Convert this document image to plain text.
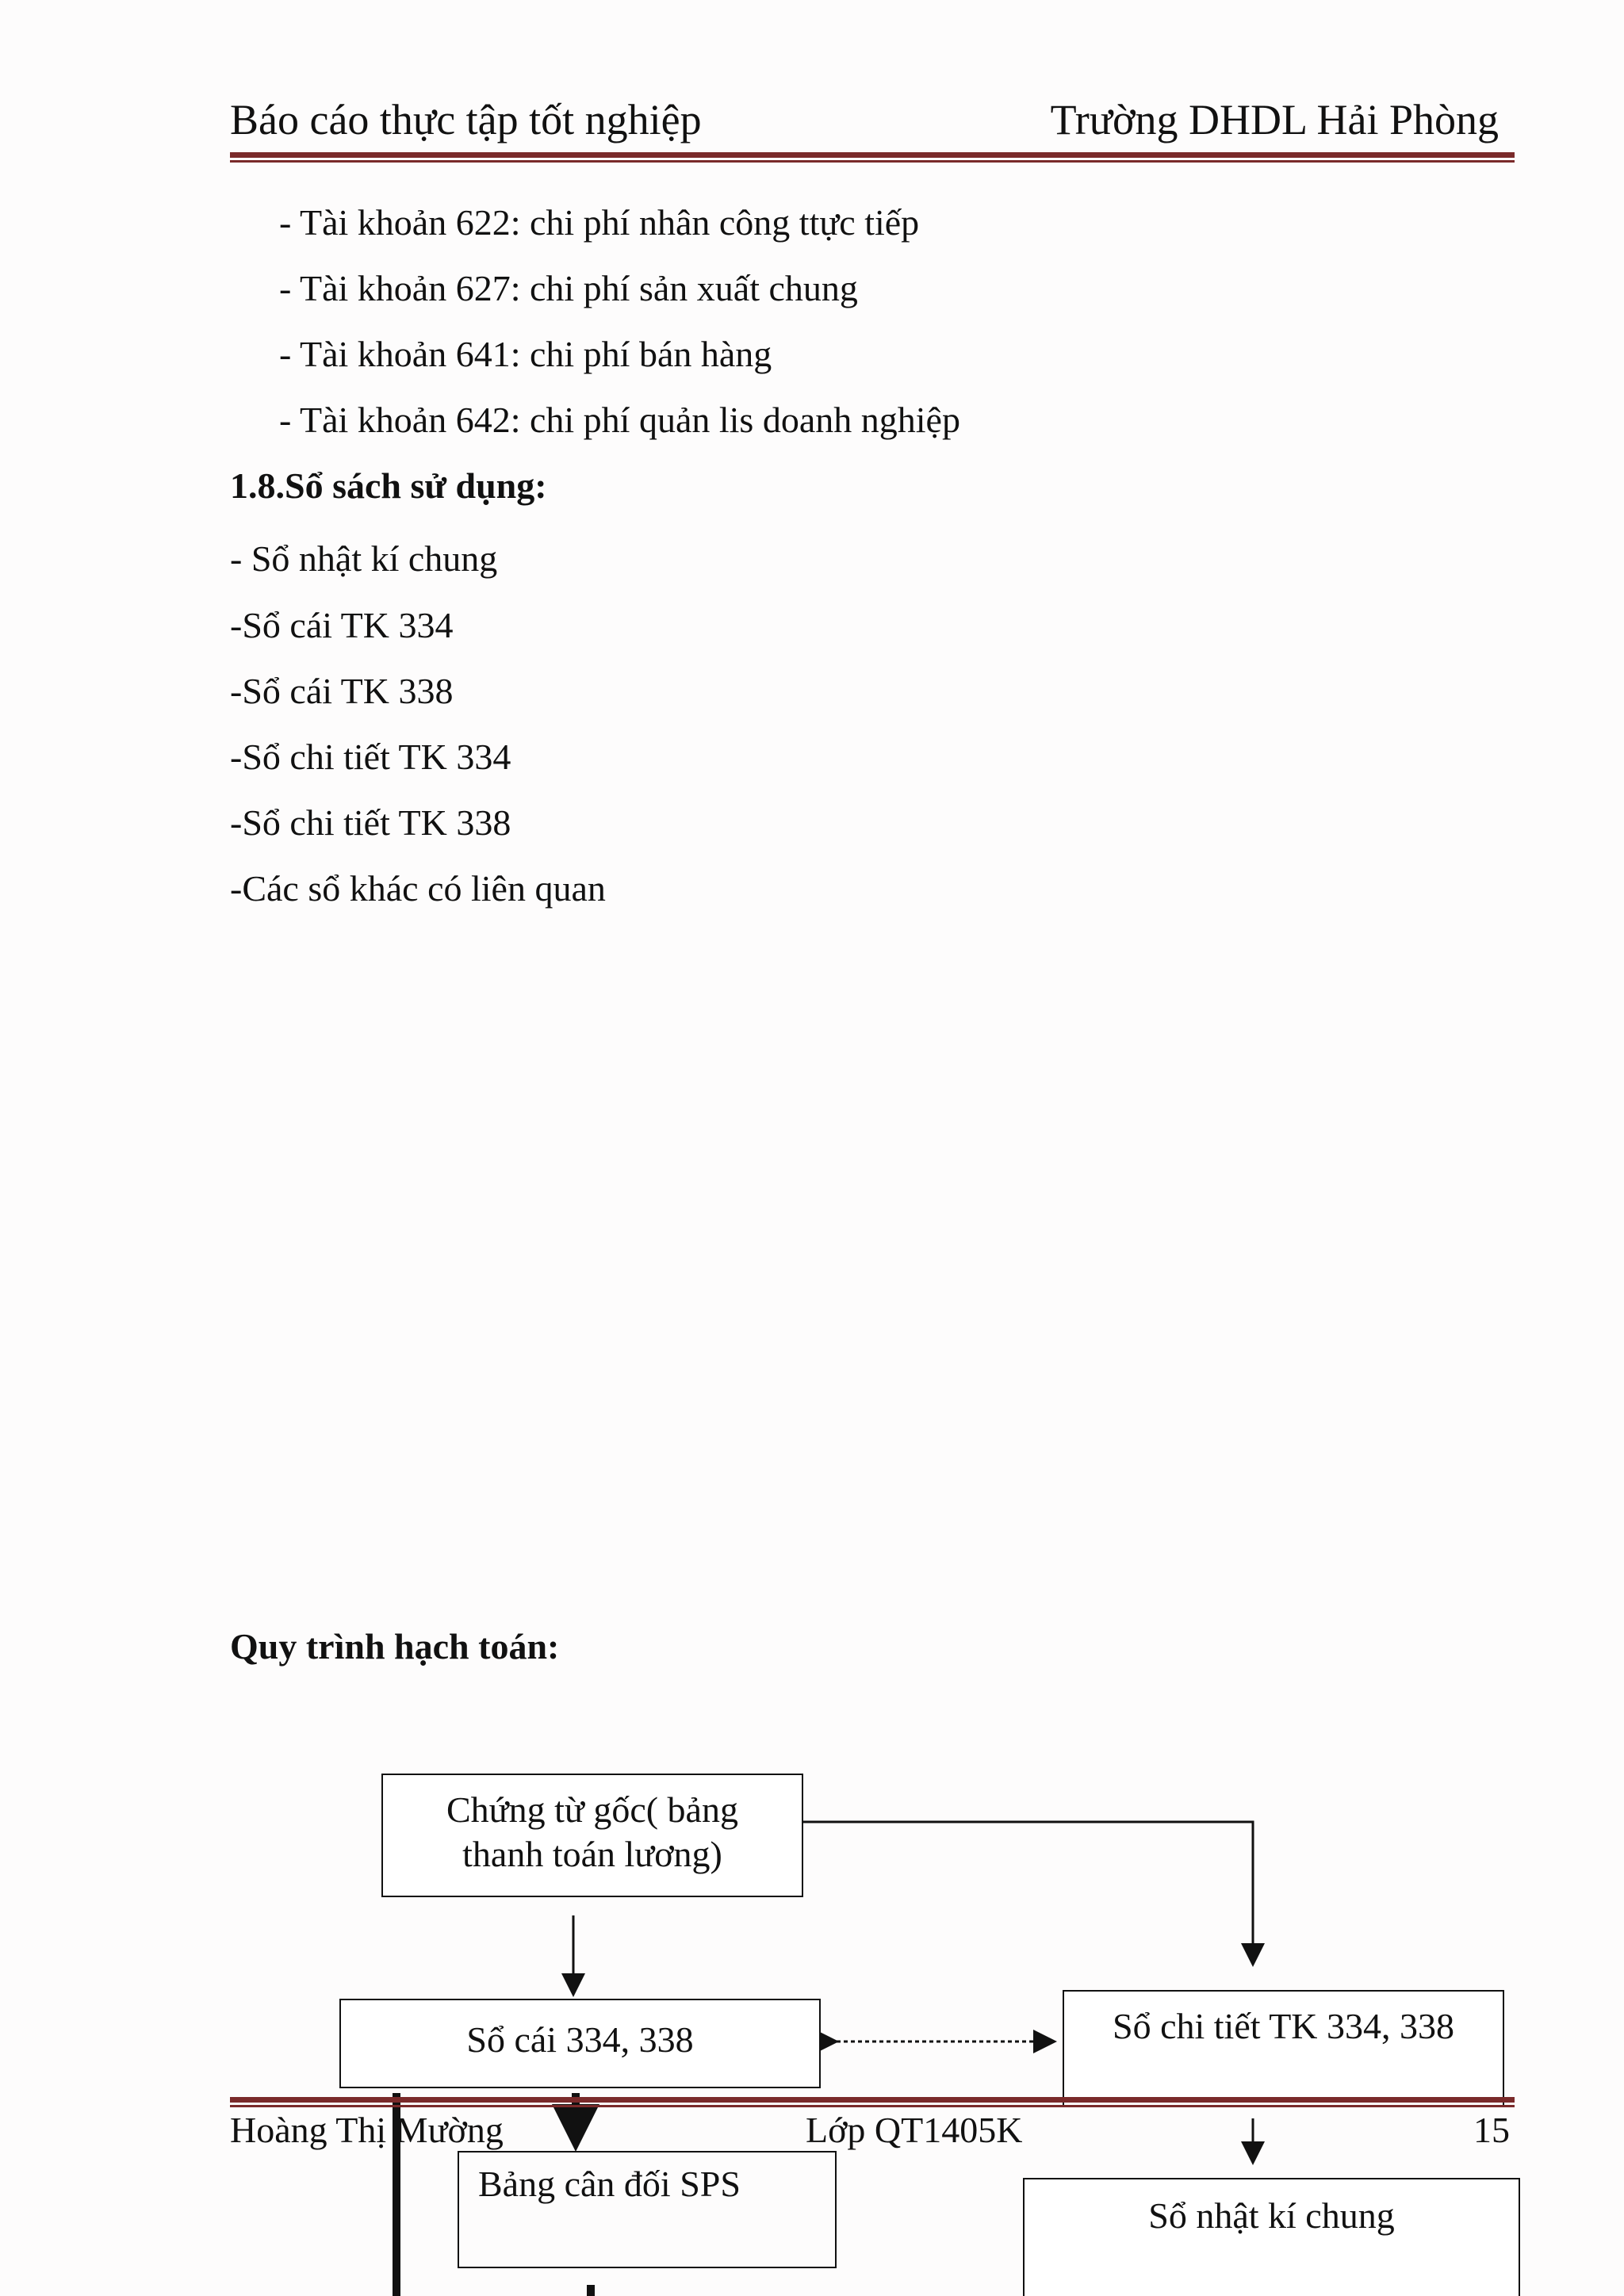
Báo cáo thực tập tốt nghiệp	Trường DHDL Hải Phòng
- Tài khoản 622: chi phí nhân công ttực tiếp
- Tài khoản 627: chi phí sản xuất chung
- Tài khoản 641: chi phí bán hàng
- Tài khoản 642: chi phí quản lis doanh nghiệp
1.8.Sổ sách sử dụng:
- Sổ nhật kí chung
-Sổ cái TK 334
-Sổ cái TK 338
-Sổ chi tiết TK 334
-Sổ chi tiết TK 338
-Các sổ khác có liên quan
Quy trình hạch toán:
Chứng từ gốc( bảng
thanh toán lương)
Sổ cái 334, 338	Sổ chi tiết TK 334, 338
Hoàng Thị Mường	Lớp QT1405K	15
Bảng cân đối SPS
Sổ nhật kí chung
